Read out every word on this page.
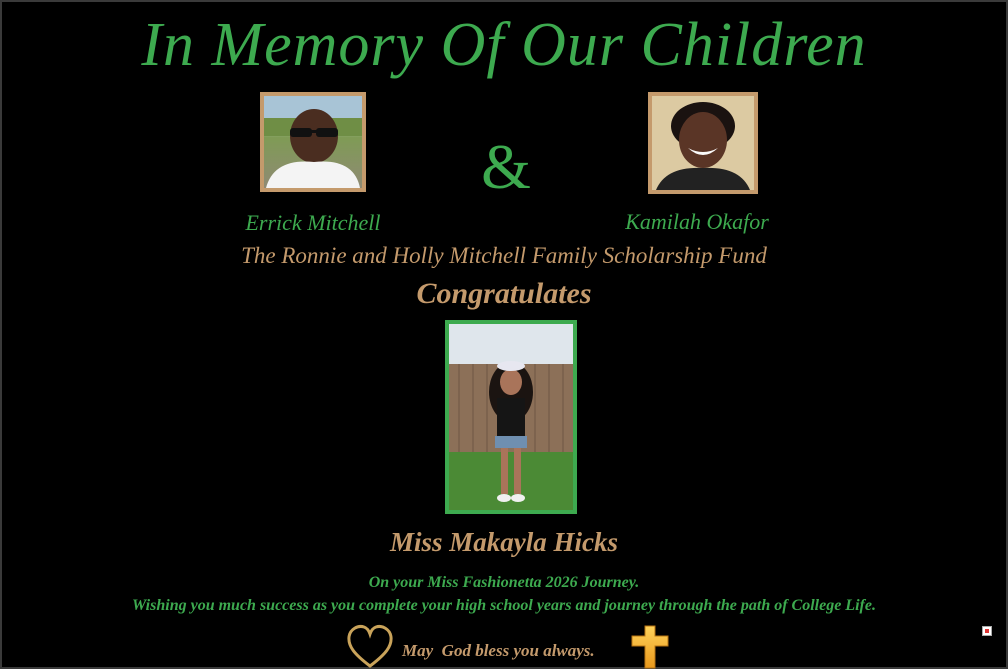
In Memory Of Our Children
&
Errick Mitchell	Kamilah Okafor
The Ronnie and Holly Mitchell Family Scholarship Fund
Congratulates
Miss Makayla Hicks
On your Miss Fashionetta 2026 Journey.
Wishing you much success as you complete your high school years and journey through the path of College Life.
May  God bless you always.
